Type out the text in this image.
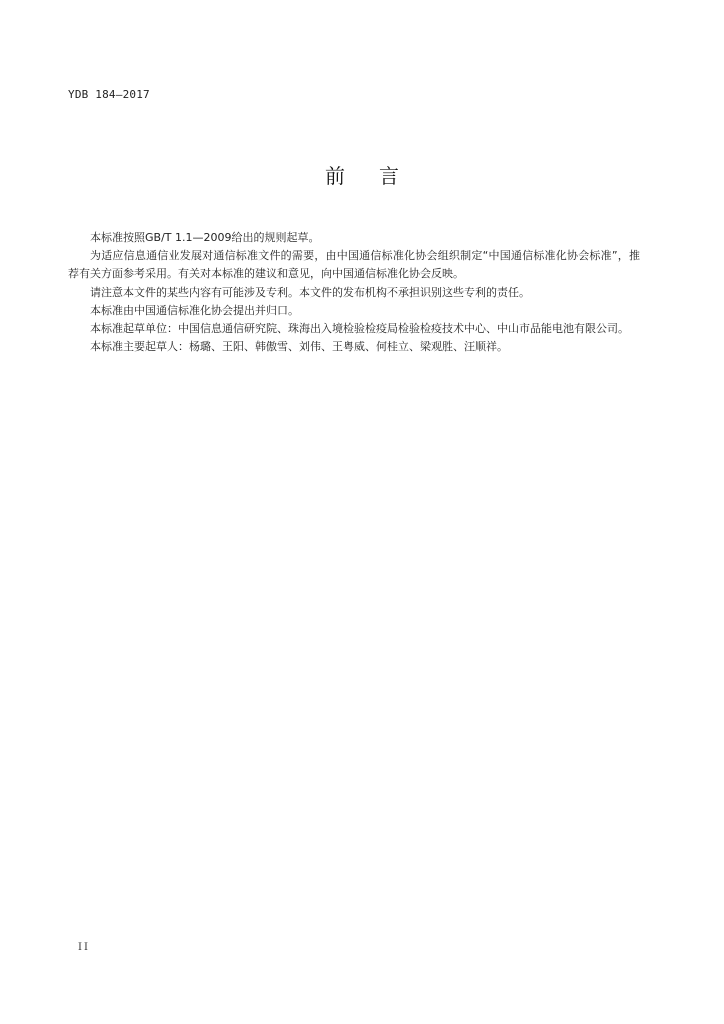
YDB 184—2017
前言

本标准按照GB/T 1.1—2009给出的规则起草。

为适应信息通信业发展对通信标准文件的需要，由中国通信标准化协会组织制定“中国通信标准化协会标准”，推荐有关方面参考采用。有关对本标准的建议和意见，向中国通信标准化协会反映。

请注意本文件的某些内容有可能涉及专利。本文件的发布机构不承担识别这些专利的责任。

本标准由中国通信标准化协会提出并归口。

本标准起草单位：中国信息通信研究院、珠海出入境检验检疫局检验检疫技术中心、中山市品能电池有限公司。

本标准主要起草人：杨璐、王阳、韩傲雪、刘伟、王粤威、何桂立、梁观胜、汪顺祥。

II
